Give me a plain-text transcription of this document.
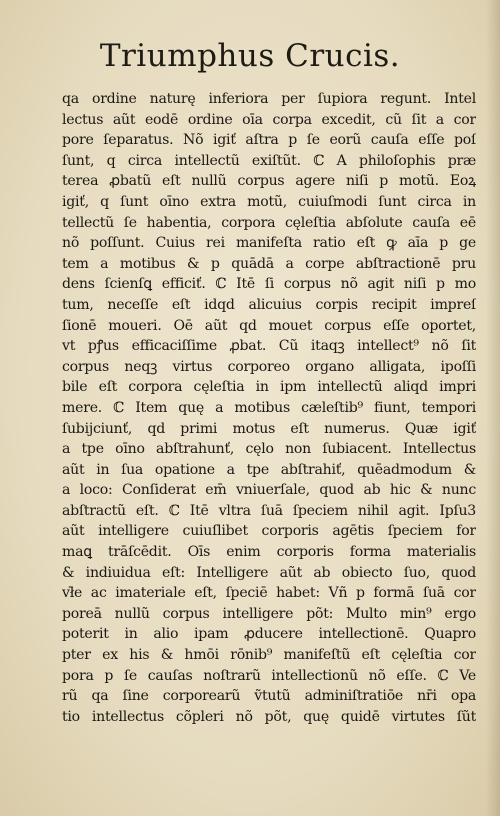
Triumphus Crucis.
qa ordine naturę inferiora per ſupiora regunt. Intel
lectus aũt eodē ordine oīa corpa excedit, cũ ſit a cor
pore ſeparatus. Nõ igiť aſtra p ſe eorũ cauſa eſſe poſ
ſunt, q circa intellectũ exiſtũt. ℂ A philoſophis præ
terea ꝓbatũ eſt nullũ corpus agere niſi p motũ. Eoꝝ
igiť, q ſunt oīno extra motũ, cuiuſmodi ſunt circa in
tellectũ ſe habentia, corpora cęleſtia abſolute cauſa eē
nõ poſſunt. Cuius rei manifeſta ratio eſt ꝙ aīa p ge
tem a motibus & p quādā a corpe abſtractionē pru
dens ſcienſꝗ efficiť. ℂ Itē ſi corpus nõ agit niſi p mo
tum, neceſſe eſt idqd alicuius corpis recipit impreſ
ſionē moueri. Oē aũt qd mouet corpus eſſe oportet,
vt pꝭus efficaciſſime ꝓbat. Cũ itaqꝫ intellect⁹ nõ ſit
corpus neqꝫ virtus corporeo organo alligata, ipoſſi
bile eſt corpora cęleſtia in ipm intellectũ aliqd impri
mere. ℂ Item quę a motibus cæleſtib⁹ fiunt, tempori
ſubijciunť, qd primi motus eſt numerus. Quæ igiť
a tpe oīno abſtrahunť, cęlo non ſubiacent. Intellectus
aũt in ſua opatione a tpe abſtrahiť, quēadmodum &
a loco: Conſiderat em̄ vniuerſale, quod ab hic & nunc
abſtractũ eſt. ℂ Itē vltra ſuā ſpeciem nihil agit. Ipſu3
aũt intelligere cuiuſlibet corporis agētis ſpeciem for
maꝗ trāſcēdit. Oīs enim corporis forma materialis
& indiuidua eſt: Intelligere aũt ab obiecto ſuo, quod
vł̄e ac imateriale eſt, ſpeciē habet: Vñ p formā ſuā cor
poreā nullũ corpus intelligere põt: Multo min⁹ ergo
poterit in alio ipam ꝓducere intellectionē. Quapro
pter ex his & hmōi rōnib⁹ manifeſtũ eſt cęleſtia cor
pora p ſe cauſas noſtrarũ intellectionũ nõ eſſe. ℂ Ve
rũ qa ſine corporearũ ṽtutũ adminiſtratiōe nr̄i opa
tio intellectus cõpleri nõ põt, quę quidē virtutes ſũt
